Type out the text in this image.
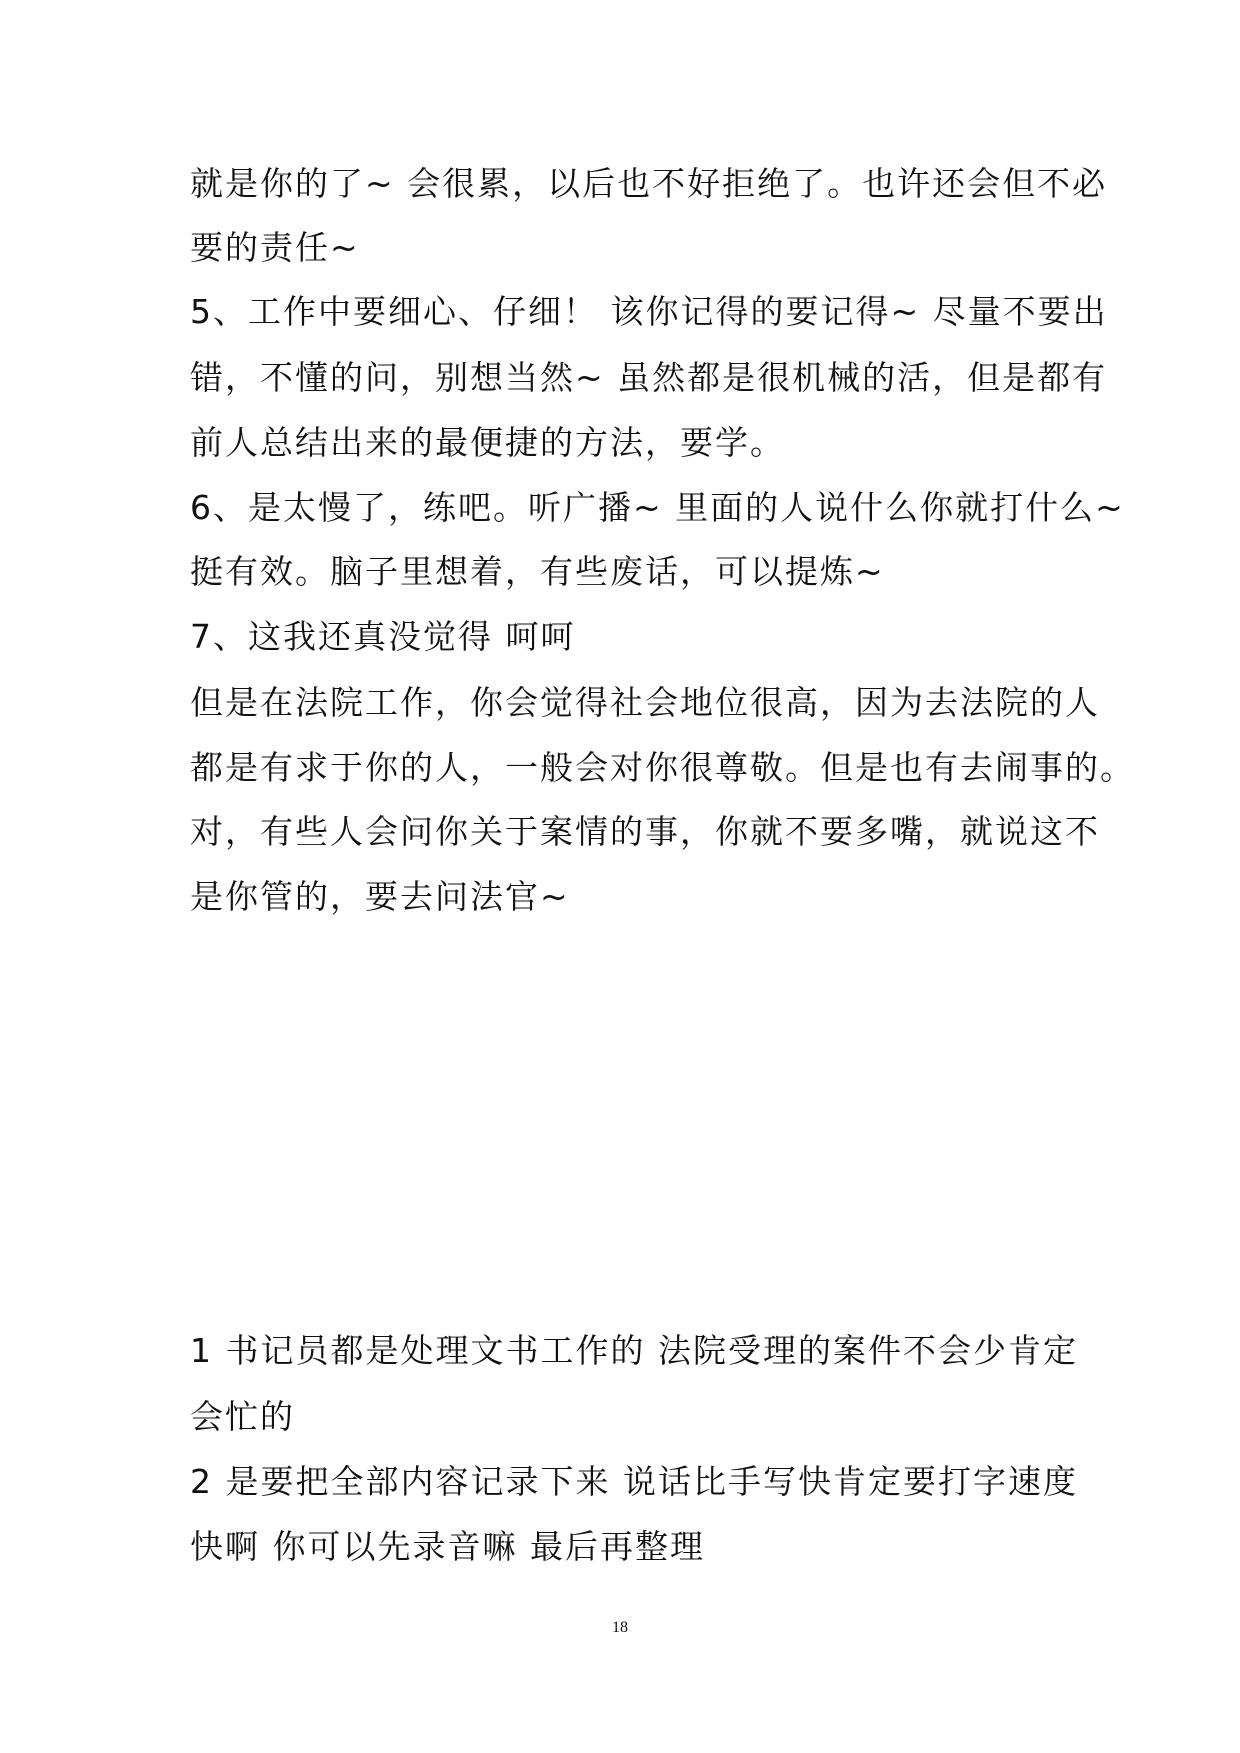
就是你的了~ 会很累，以后也不好拒绝了。也许还会但不必
要的责任~
5、工作中要细心、仔细！ 该你记得的要记得~ 尽量不要出
错，不懂的问，别想当然~ 虽然都是很机械的活，但是都有
前人总结出来的最便捷的方法，要学。
6、是太慢了，练吧。听广播~ 里面的人说什么你就打什么~
挺有效。脑子里想着，有些废话，可以提炼~
7、这我还真没觉得 呵呵
但是在法院工作，你会觉得社会地位很高，因为去法院的人
都是有求于你的人，一般会对你很尊敬。但是也有去闹事的。
对，有些人会问你关于案情的事，你就不要多嘴，就说这不
是你管的，要去问法官~
1 书记员都是处理文书工作的 法院受理的案件不会少肯定
会忙的
2 是要把全部内容记录下来 说话比手写快肯定要打字速度
快啊 你可以先录音嘛 最后再整理
18
